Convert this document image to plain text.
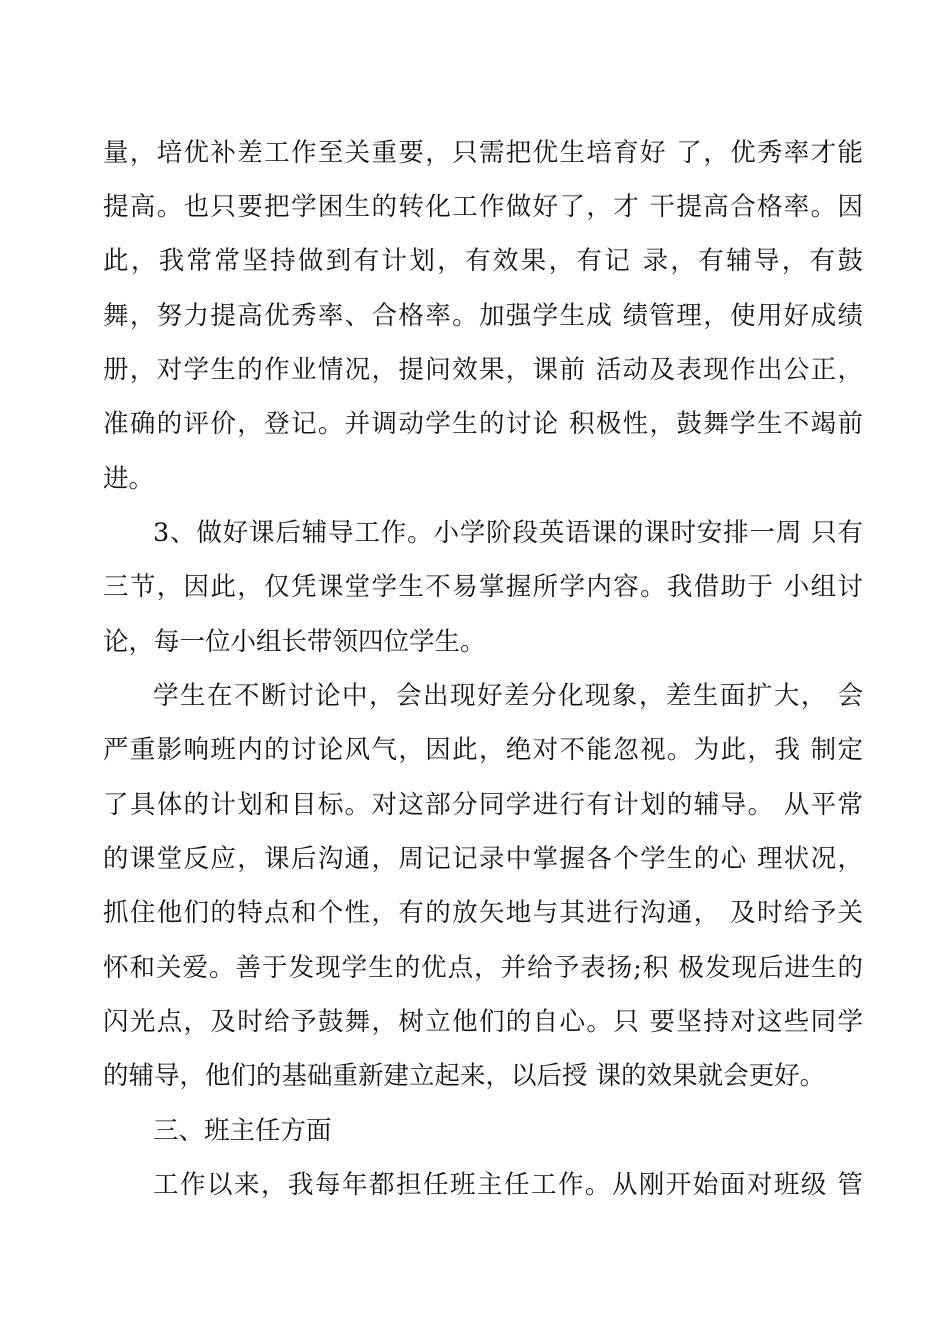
量，培优补差工作至关重要，只需把优生培育好 了，优秀率才能
提高。也只要把学困生的转化工作做好了，才 干提高合格率。因
此，我常常坚持做到有计划，有效果，有记 录，有辅导，有鼓
舞，努力提高优秀率、合格率。加强学生成 绩管理，使用好成绩
册，对学生的作业情况，提问效果，课前 活动及表现作出公正，
准确的评价，登记。并调动学生的讨论 积极性，鼓舞学生不竭前
进。
3、做好课后辅导工作。小学阶段英语课的课时安排一周 只有
三节，因此，仅凭课堂学生不易掌握所学内容。我借助于 小组讨
论，每一位小组长带领四位学生。
学生在不断讨论中，会出现好差分化现象，差生面扩大， 会
严重影响班内的讨论风气，因此，绝对不能忽视。为此，我 制定
了具体的计划和目标。对这部分同学进行有计划的辅导。 从平常
的课堂反应，课后沟通，周记记录中掌握各个学生的心 理状况，
抓住他们的特点和个性，有的放矢地与其进行沟通， 及时给予关
怀和关爱。善于发现学生的优点，并给予表扬;积 极发现后进生的
闪光点，及时给予鼓舞，树立他们的自心。只 要坚持对这些同学
的辅导，他们的基础重新建立起来，以后授 课的效果就会更好。
三、班主任方面
工作以来，我每年都担任班主任工作。从刚开始面对班级 管
